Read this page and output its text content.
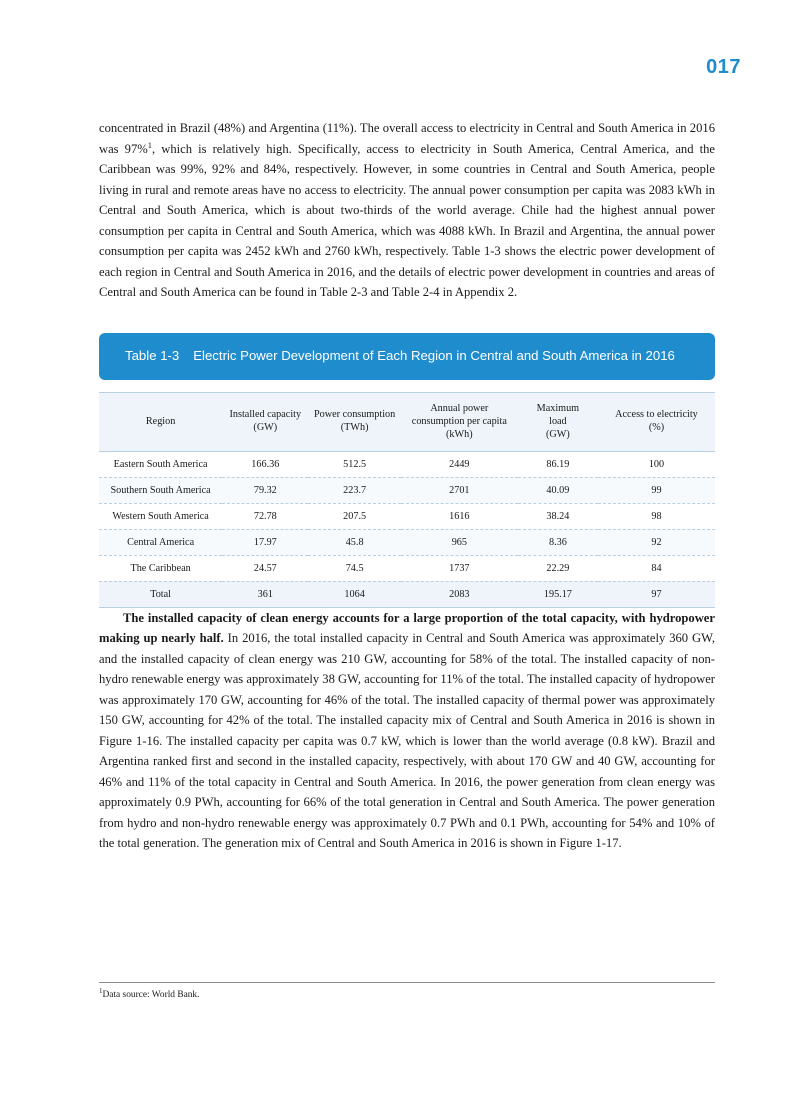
017

concentrated in Brazil (48%) and Argentina (11%). The overall access to electricity in Central and South America in 2016 was 97%$^1$, which is relatively high. Specifically, access to electricity in South America, Central America, and the Caribbean was 99%, 92% and 84%, respectively. However, in some countries in Central and South America, people living in rural and remote areas have no access to electricity. The annual power consumption per capita was 2083 kWh in Central and South America, which is about two-thirds of the world average. Chile had the highest annual power consumption per capita in Central and South America, which was 4088 kWh. In Brazil and Argentina, the annual power consumption per capita was 2452 kWh and 2760 kWh, respectively. Table 1-3 shows the electric power development of each region in Central and South America in 2016, and the details of electric power development in countries and areas of Central and South America can be found in Table 2-3 and Table 2-4 in Appendix 2.

Table 1-3 Electric Power Development of Each Region in Central and South America in 2016
Region

Installed capacity
(GW)

Power consumption
(TWh)

Annual power
consumption per capita
(kWh)

Maximum
load
(GW)

Access to electricity
(%)

Eastern South America	166.36	512.5	2449	86.19	100
Southern South America	79.32	223.7	2701	40.09	99
Western South America	72.78	207.5	1616	38.24	98
Central America	17.97	45.8	965	8.36	92
The Caribbean	24.57	74.5	1737	22.29	84
Total	361	1064	2083	195.17	97

The installed capacity of clean energy accounts for a large proportion of the total capacity, with hydropower making up nearly half. In 2016, the total installed capacity in Central and South America was approximately 360 GW, and the installed capacity of clean energy was 210 GW, accounting for 58% of the total. The installed capacity of non-hydro renewable energy was approximately 38 GW, accounting for 11% of the total. The installed capacity of hydropower was approximately 170 GW, accounting for 46% of the total. The installed capacity of thermal power was approximately 150 GW, accounting for 42% of the total. The installed capacity mix of Central and South America in 2016 is shown in Figure 1-16. The installed capacity per capita was 0.7 kW, which is lower than the world average (0.8 kW). Brazil and Argentina ranked first and second in the installed capacity, respectively, with about 170 GW and 40 GW, accounting for 46% and 11% of the total capacity in Central and South America. In 2016, the power generation from clean energy was approximately 0.9 PWh, accounting for 66% of the total generation in Central and South America. The power generation from hydro and non-hydro renewable energy was approximately 0.7 PWh and 0.1 PWh, accounting for 54% and 10% of the total generation. The generation mix of Central and South America in 2016 is shown in Figure 1-17.

$^1$Data source: World Bank.
